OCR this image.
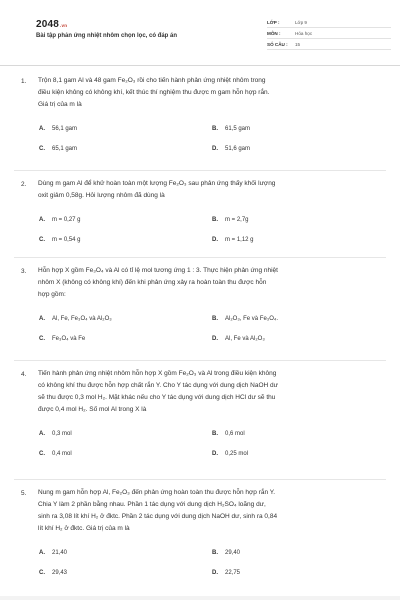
2048.vn
Bài tập phản ứng nhiệt nhôm chọn lọc, có đáp án
LỚP :	Lớp 9
MÔN :	Hóa học
SỐ CÂU :	15
1. Trộn 8,1 gam Al và 48 gam Fe₂O₃ rồi cho tiến hành phản ứng nhiệt nhôm trong
điều kiện không có không khí, kết thúc thí nghiệm thu được m gam hỗn hợp rắn.
Giá trị của m là
A. 56,1 gam	B. 61,5 gam
C. 65,1 gam	D. 51,6 gam
2. Dùng m gam Al để khử hoàn toàn một lượng Fe₂O₃ sau phản ứng thấy khối lượng
oxit giảm 0,58g. Hỏi lượng nhôm đã dùng là
A. m = 0,27 g	B. m = 2,7g
C. m = 0,54 g	D. m = 1,12 g
3. Hỗn hợp X gồm Fe₃O₄ và Al có tỉ lệ mol tương ứng 1 : 3. Thực hiện phản ứng nhiệt
nhôm X (không có không khí) đến khi phản ứng xảy ra hoàn toàn thu được hỗn
hợp gồm:
A. Al, Fe, Fe₃O₄ và Al₂O₃	B. Al₂O₃, Fe và Fe₃O₄.
C. Fe₃O₄ và Fe	D. Al, Fe và Al₂O₃
4. Tiến hành phản ứng nhiệt nhôm hỗn hợp X gồm Fe₂O₃ và Al trong điều kiện không
có không khí thu được hỗn hợp chất rắn Y. Cho Y tác dụng với dung dịch NaOH dư
sẽ thu được 0,3 mol H₂. Mặt khác nếu cho Y tác dụng với dung dịch HCl dư sẽ thu
được 0,4 mol H₂. Số mol Al trong X là
A. 0,3 mol	B. 0,6 mol
C. 0,4 mol	D. 0,25 mol
5. Nung m gam hỗn hợp Al, Fe₂O₃ đến phản ứng hoàn toàn thu được hỗn hợp rắn Y.
Chia Y làm 2 phần bằng nhau. Phần 1 tác dụng với dung dịch H₂SO₄ loãng dư,
sinh ra 3,08 lít khí H₂ ở đktc. Phần 2 tác dụng với dung dịch NaOH dư, sinh ra 0,84
lít khí H₂ ở đktc. Giá trị của m là
A. 21,40	B. 29,40
C. 29,43	D. 22,75
